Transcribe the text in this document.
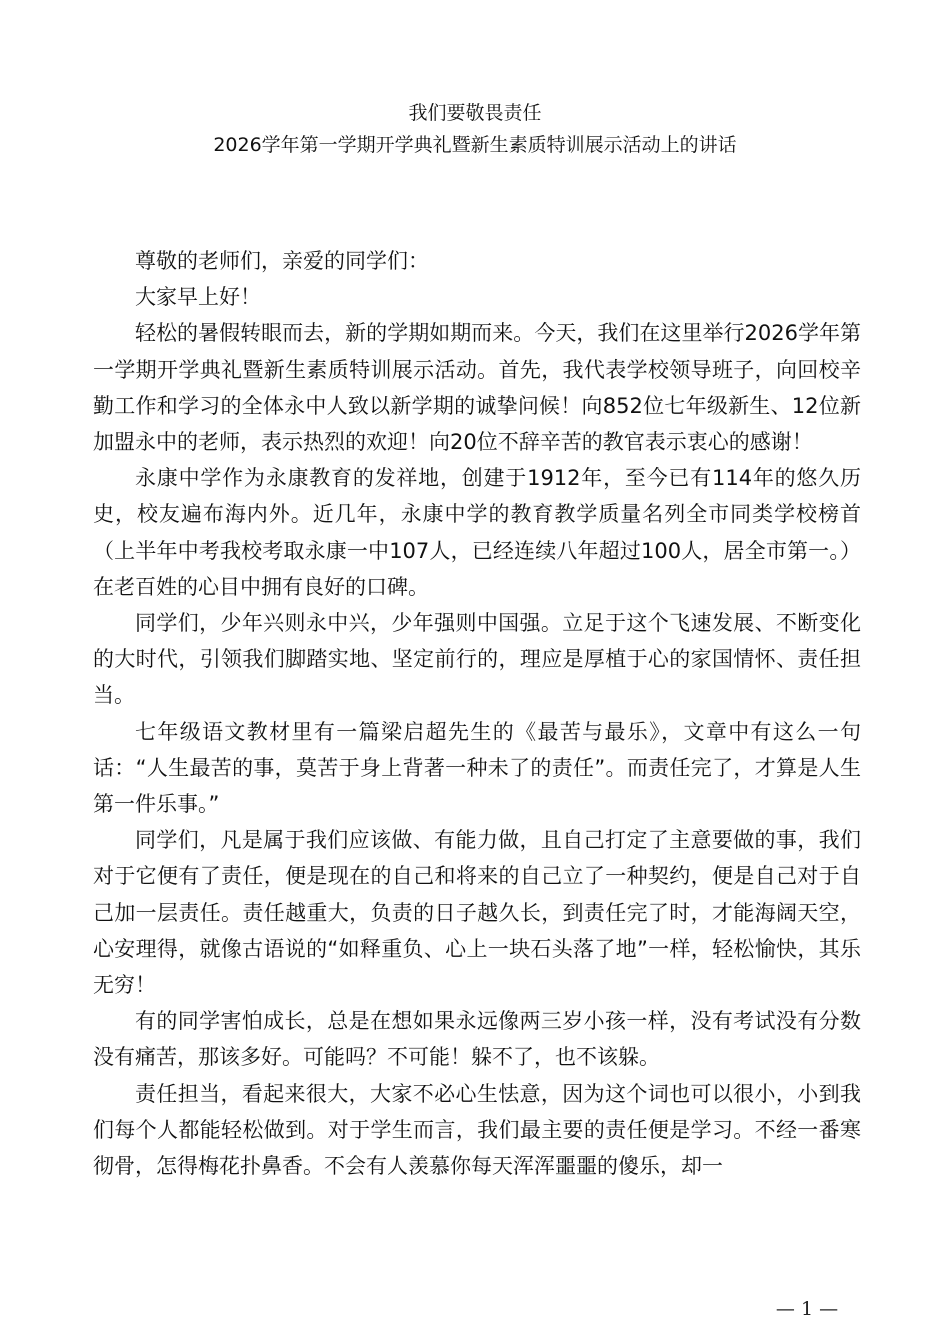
我们要敬畏责任
2026学年第一学期开学典礼暨新生素质特训展示活动上的讲话

尊敬的老师们，亲爱的同学们：

大家早上好！

轻松的暑假转眼而去，新的学期如期而来。今天，我们在这里举行2026学年第一学期开学典礼暨新生素质特训展示活动。首先，我代表学校领导班子，向回校辛勤工作和学习的全体永中人致以新学期的诚挚问候！向852位七年级新生、12位新加盟永中的老师，表示热烈的欢迎！向20位不辞辛苦的教官表示衷心的感谢！

永康中学作为永康教育的发祥地，创建于1912年，至今已有114年的悠久历史，校友遍布海内外。近几年，永康中学的教育教学质量名列全市同类学校榜首（上半年中考我校考取永康一中107人，已经连续八年超过100人，居全市第一。）在老百姓的心目中拥有良好的口碑。

同学们，少年兴则永中兴，少年强则中国强。立足于这个飞速发展、不断变化的大时代，引领我们脚踏实地、坚定前行的，理应是厚植于心的家国情怀、责任担当。

七年级语文教材里有一篇梁启超先生的《最苦与最乐》，文章中有这么一句话：“人生最苦的事，莫苦于身上背著一种未了的责任”。而责任完了，才算是人生第一件乐事。”

同学们，凡是属于我们应该做、有能力做，且自己打定了主意要做的事，我们对于它便有了责任，便是现在的自己和将来的自己立了一种契约，便是自己对于自己加一层责任。责任越重大，负责的日子越久长，到责任完了时，才能海阔天空，心安理得，就像古语说的“如释重负、心上一块石头落了地”一样，轻松愉快，其乐无穷！

有的同学害怕成长，总是在想如果永远像两三岁小孩一样，没有考试没有分数没有痛苦，那该多好。可能吗？不可能！躲不了，也不该躲。

责任担当，看起来很大，大家不必心生怯意，因为这个词也可以很小，小到我们每个人都能轻松做到。对于学生而言，我们最主要的责任便是学习。不经一番寒彻骨，怎得梅花扑鼻香。不会有人羡慕你每天浑浑噩噩的傻乐，却一

— 1 —
